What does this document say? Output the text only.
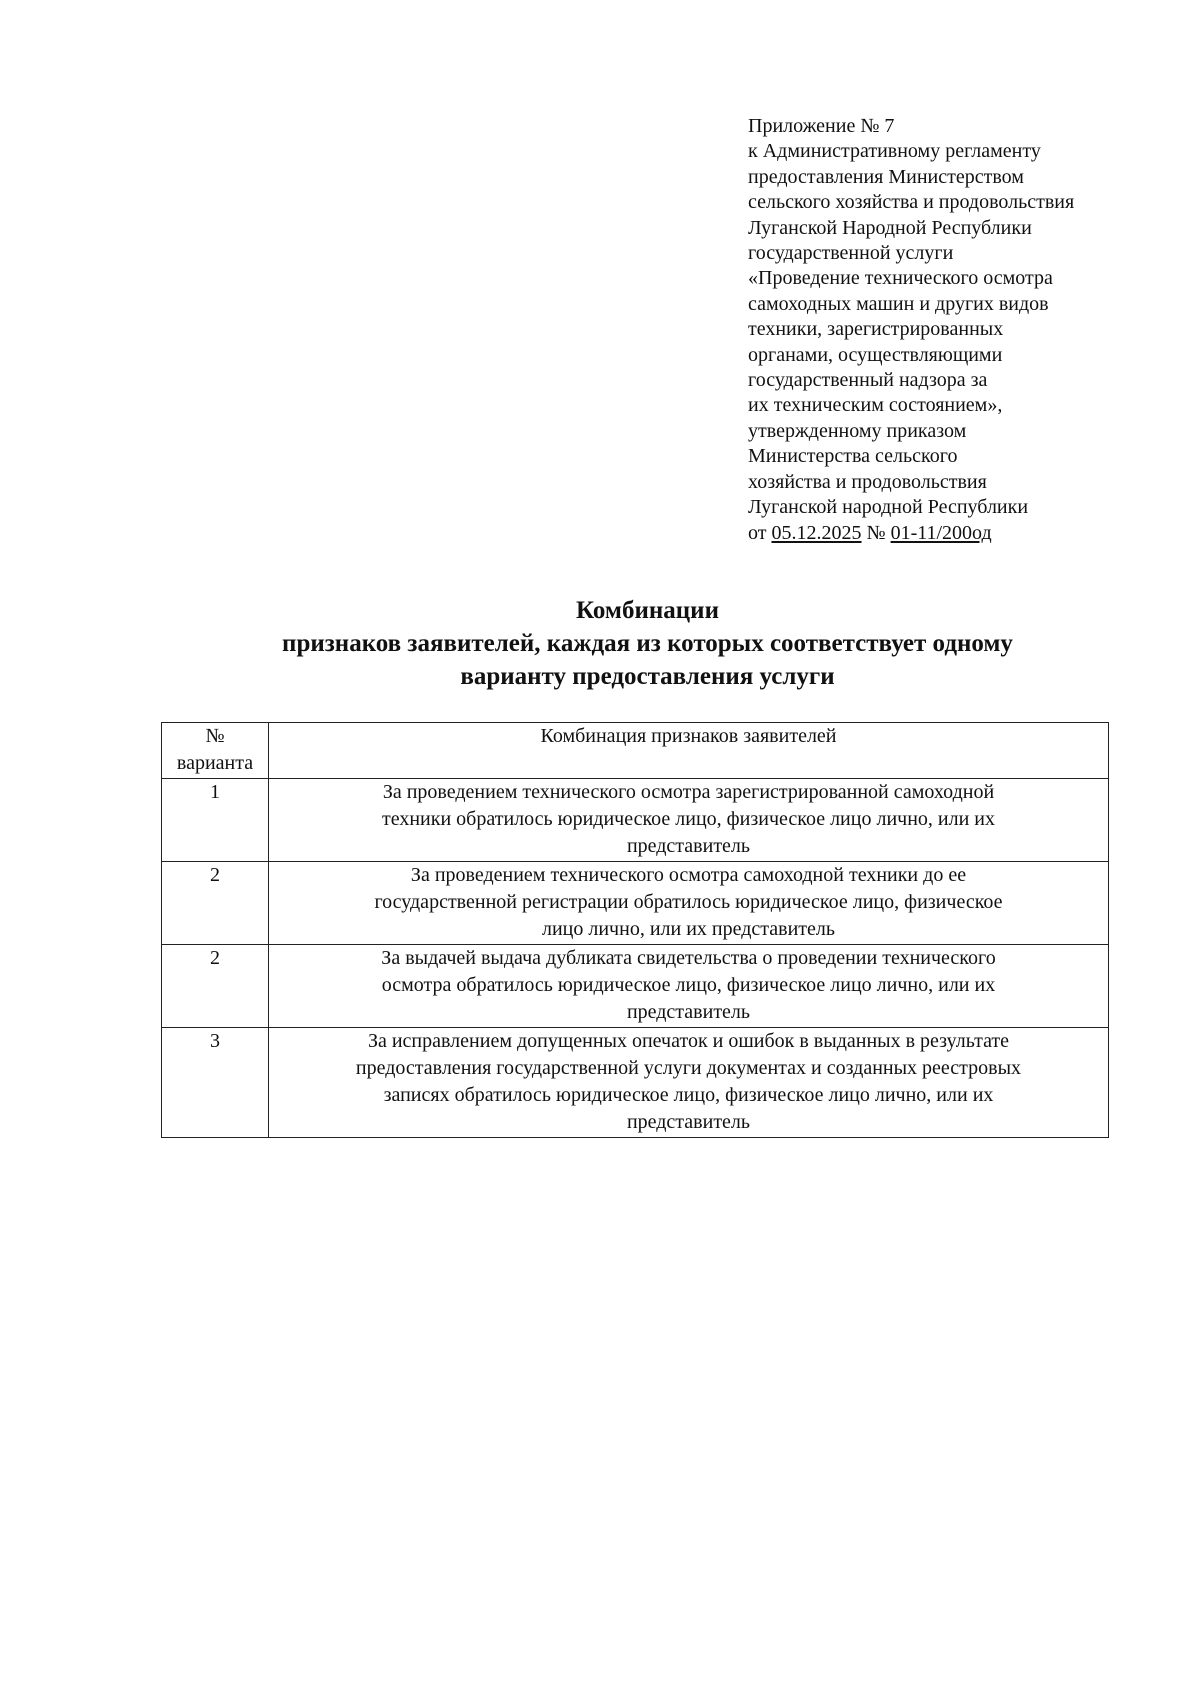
Приложение № 7
к Административному регламенту
предоставления Министерством
сельского хозяйства и продовольствия
Луганской Народной Республики
государственной услуги
«Проведение технического осмотра
самоходных машин и других видов
техники, зарегистрированных
органами, осуществляющими
государственный надзора за
их техническим состоянием»,
утвержденному приказом
Министерства сельского
хозяйства и продовольствия
Луганской народной Республики
от 05.12.2025 № 01-11/200од
Комбинации
признаков заявителей, каждая из которых соответствует одному
варианту предоставления услуги
№
варианта	Комбинация признаков заявителей
1	За проведением технического осмотра зарегистрированной самоходной
техники обратилось юридическое лицо, физическое лицо лично, или их
представитель

2	За проведением технического осмотра самоходной техники до ее
государственной регистрации обратилось юридическое лицо, физическое
лицо лично, или их представитель

2	За выдачей выдача дубликата свидетельства о проведении технического
осмотра обратилось юридическое лицо, физическое лицо лично, или их
представитель

3	За исправлением допущенных опечаток и ошибок в выданных в результате
предоставления государственной услуги документах и созданных реестровых
записях обратилось юридическое лицо, физическое лицо лично, или их
представитель
